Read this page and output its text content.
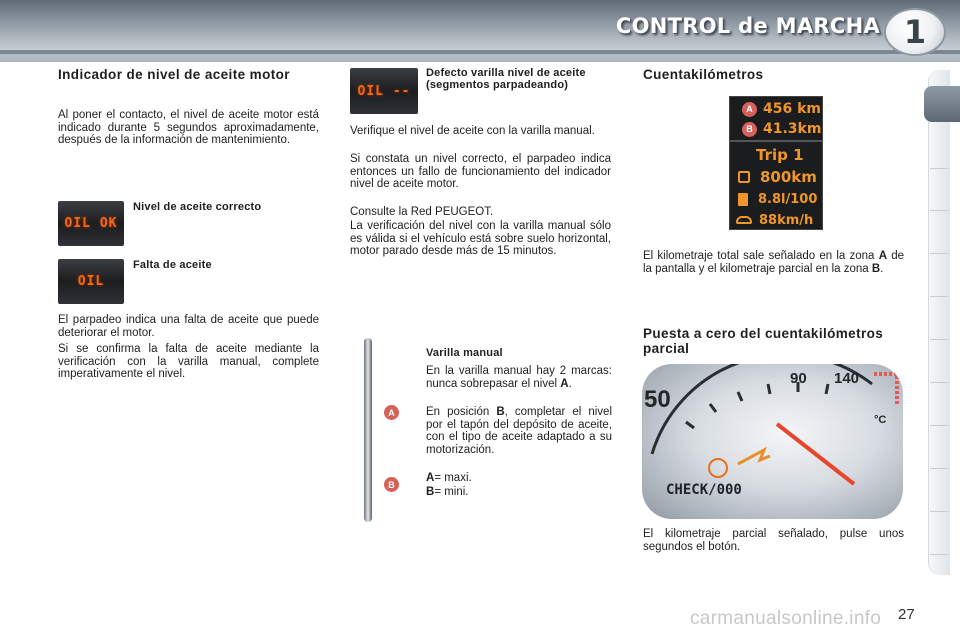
CONTROL de MARCHA 1
Indicador de nivel de aceite motor
Al poner el contacto, el nivel de aceite motor está indicado durante 5 segundos aproximadamente, después de la información de mantenimiento.
OIL OK
Nivel de aceite correcto
OIL
Falta de aceite
El parpadeo indica una falta de aceite que puede deteriorar el motor.
Si se confirma la falta de aceite mediante la verificación con la varilla manual, complete imperativamente el nivel.
OIL --
Defecto varilla nivel de aceite (segmentos parpadeando)
Verifique el nivel de aceite con la varilla manual.
Si constata un nivel correcto, el parpadeo indica entonces un fallo de funcionamiento del indicador nivel de aceite motor.
Consulte la Red PEUGEOT.
La verificación del nivel con la varilla manual sólo es válida si el vehículo está sobre suelo horizontal, motor parado desde más de 15 minutos.
A
B
Varilla manual
En la varilla manual hay 2 marcas: nunca sobrepasar el nivel A.
En posición B, completar el nivel por el tapón del depósito de aceite, con el tipo de aceite adaptado a su motorización.
A= maxi.
B= mini.
Cuentakilómetros
A 456 km
B 41.3km
Trip 1
800km
8.8l/100
88km/h
El kilometraje total sale señalado en la zona A de la pantalla y el kilometraje parcial en la zona B.
Puesta a cero del cuentakilómetros parcial
50
90 140
°C
CHECK/000
El kilometraje parcial señalado, pulse unos segundos el botón.
carmanualsonline.info 27
